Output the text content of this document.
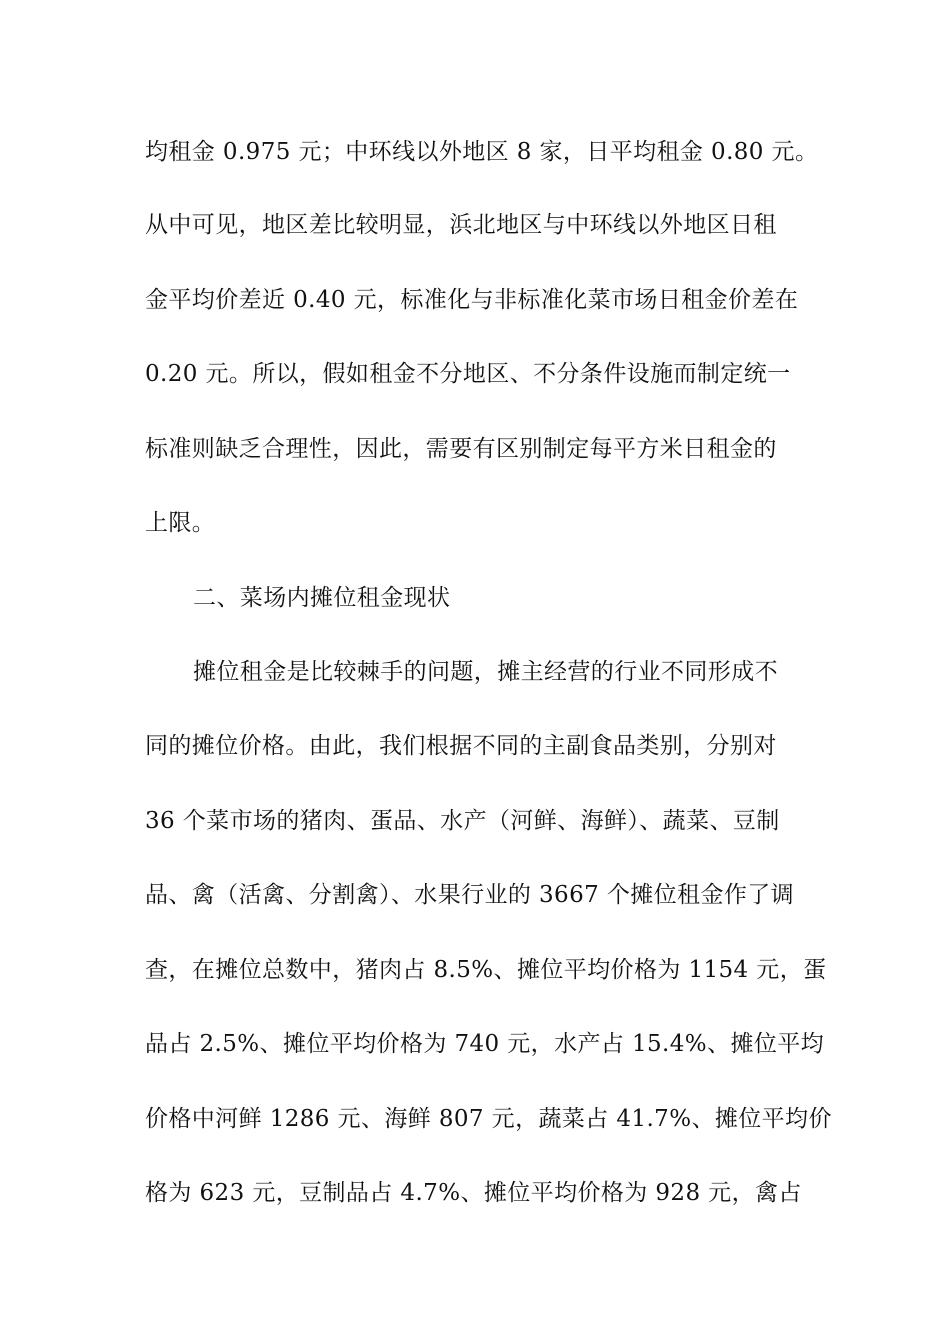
均租金 0.975 元；中环线以外地区 8 家，日平均租金 0.80 元。
从中可见，地区差比较明显，浜北地区与中环线以外地区日租
金平均价差近 0.40 元，标准化与非标准化菜市场日租金价差在
0.20 元。所以，假如租金不分地区、不分条件设施而制定统一
标准则缺乏合理性，因此，需要有区别制定每平方米日租金的
上限。
二、菜场内摊位租金现状
摊位租金是比较棘手的问题，摊主经营的行业不同形成不
同的摊位价格。由此，我们根据不同的主副食品类别，分别对
36 个菜市场的猪肉、蛋品、水产（河鲜、海鲜）、蔬菜、豆制
品、禽（活禽、分割禽）、水果行业的 3667 个摊位租金作了调
查，在摊位总数中，猪肉占 8.5%、摊位平均价格为 1154 元，蛋
品占 2.5%、摊位平均价格为 740 元，水产占 15.4%、摊位平均
价格中河鲜 1286 元、海鲜 807 元，蔬菜占 41.7%、摊位平均价
格为 623 元，豆制品占 4.7%、摊位平均价格为 928 元，禽占
